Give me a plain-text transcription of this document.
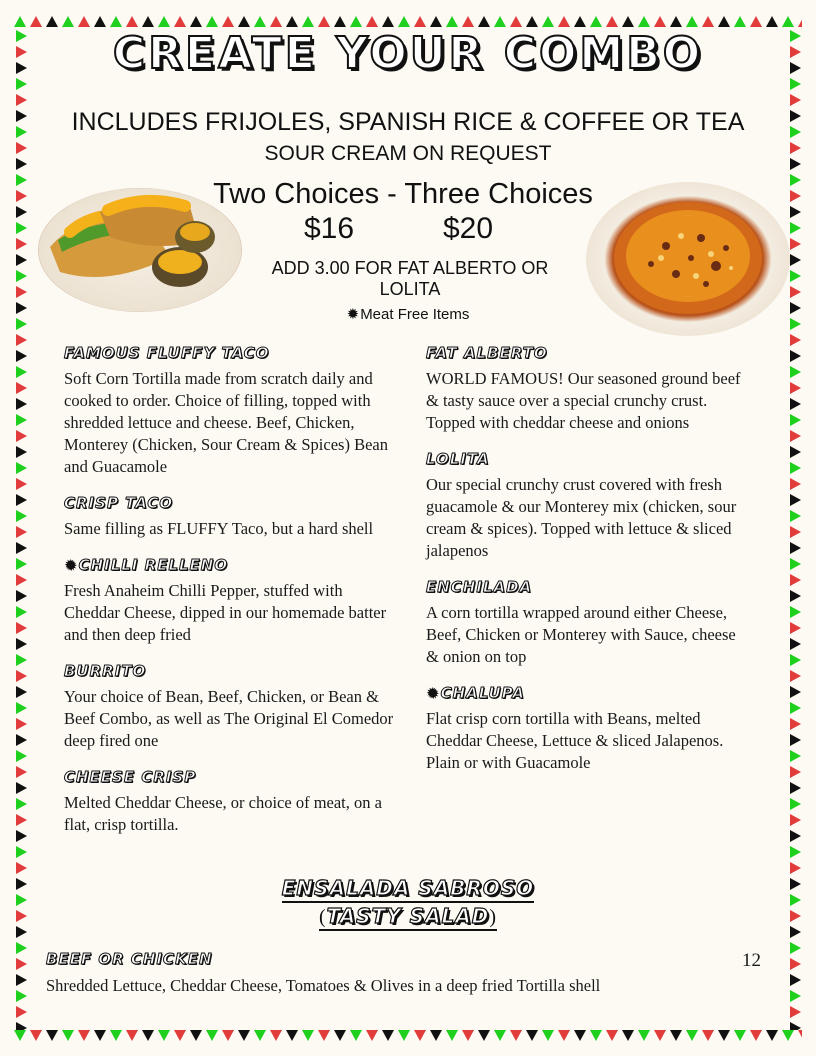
CREATE YOUR COMBO
INCLUDES FRIJOLES, SPANISH RICE & COFFEE OR TEA
SOUR CREAM ON REQUEST
Two Choices - Three Choices
$16	$20
ADD 3.00 FOR FAT ALBERTO OR LOLITA
✹Meat Free Items
FAMOUS FLUFFY TACO
Soft Corn Tortilla made from scratch daily and cooked to order. Choice of filling, topped with shredded lettuce and cheese. Beef, Chicken, Monterey (Chicken, Sour Cream & Spices) Bean and Guacamole
CRISP TACO
Same filling as FLUFFY Taco, but a hard shell
✹CHILLI RELLENO
Fresh Anaheim Chilli Pepper, stuffed with Cheddar Cheese, dipped in our homemade batter and then deep fried
BURRITO
Your choice of Bean, Beef, Chicken, or Bean & Beef Combo, as well as The Original El Comedor deep fired one
CHEESE CRISP
Melted Cheddar Cheese, or choice of meat, on a flat, crisp tortilla.
FAT ALBERTO
WORLD FAMOUS! Our seasoned ground beef & tasty sauce over a special crunchy crust. Topped with cheddar cheese and onions
LOLITA
Our special crunchy crust covered with fresh guacamole & our Monterey mix (chicken, sour cream & spices). Topped with lettuce & sliced jalapenos
ENCHILADA
A corn tortilla wrapped around either Cheese, Beef, Chicken or Monterey with Sauce, cheese & onion on top
✹CHALUPA
Flat crisp corn tortilla with Beans, melted Cheddar Cheese, Lettuce & sliced Jalapenos. Plain or with Guacamole
ENSALADA SABROSO
(TASTY SALAD)
BEEF OR CHICKEN
Shredded Lettuce, Cheddar Cheese, Tomatoes & Olives in a deep fried Tortilla shell
12
